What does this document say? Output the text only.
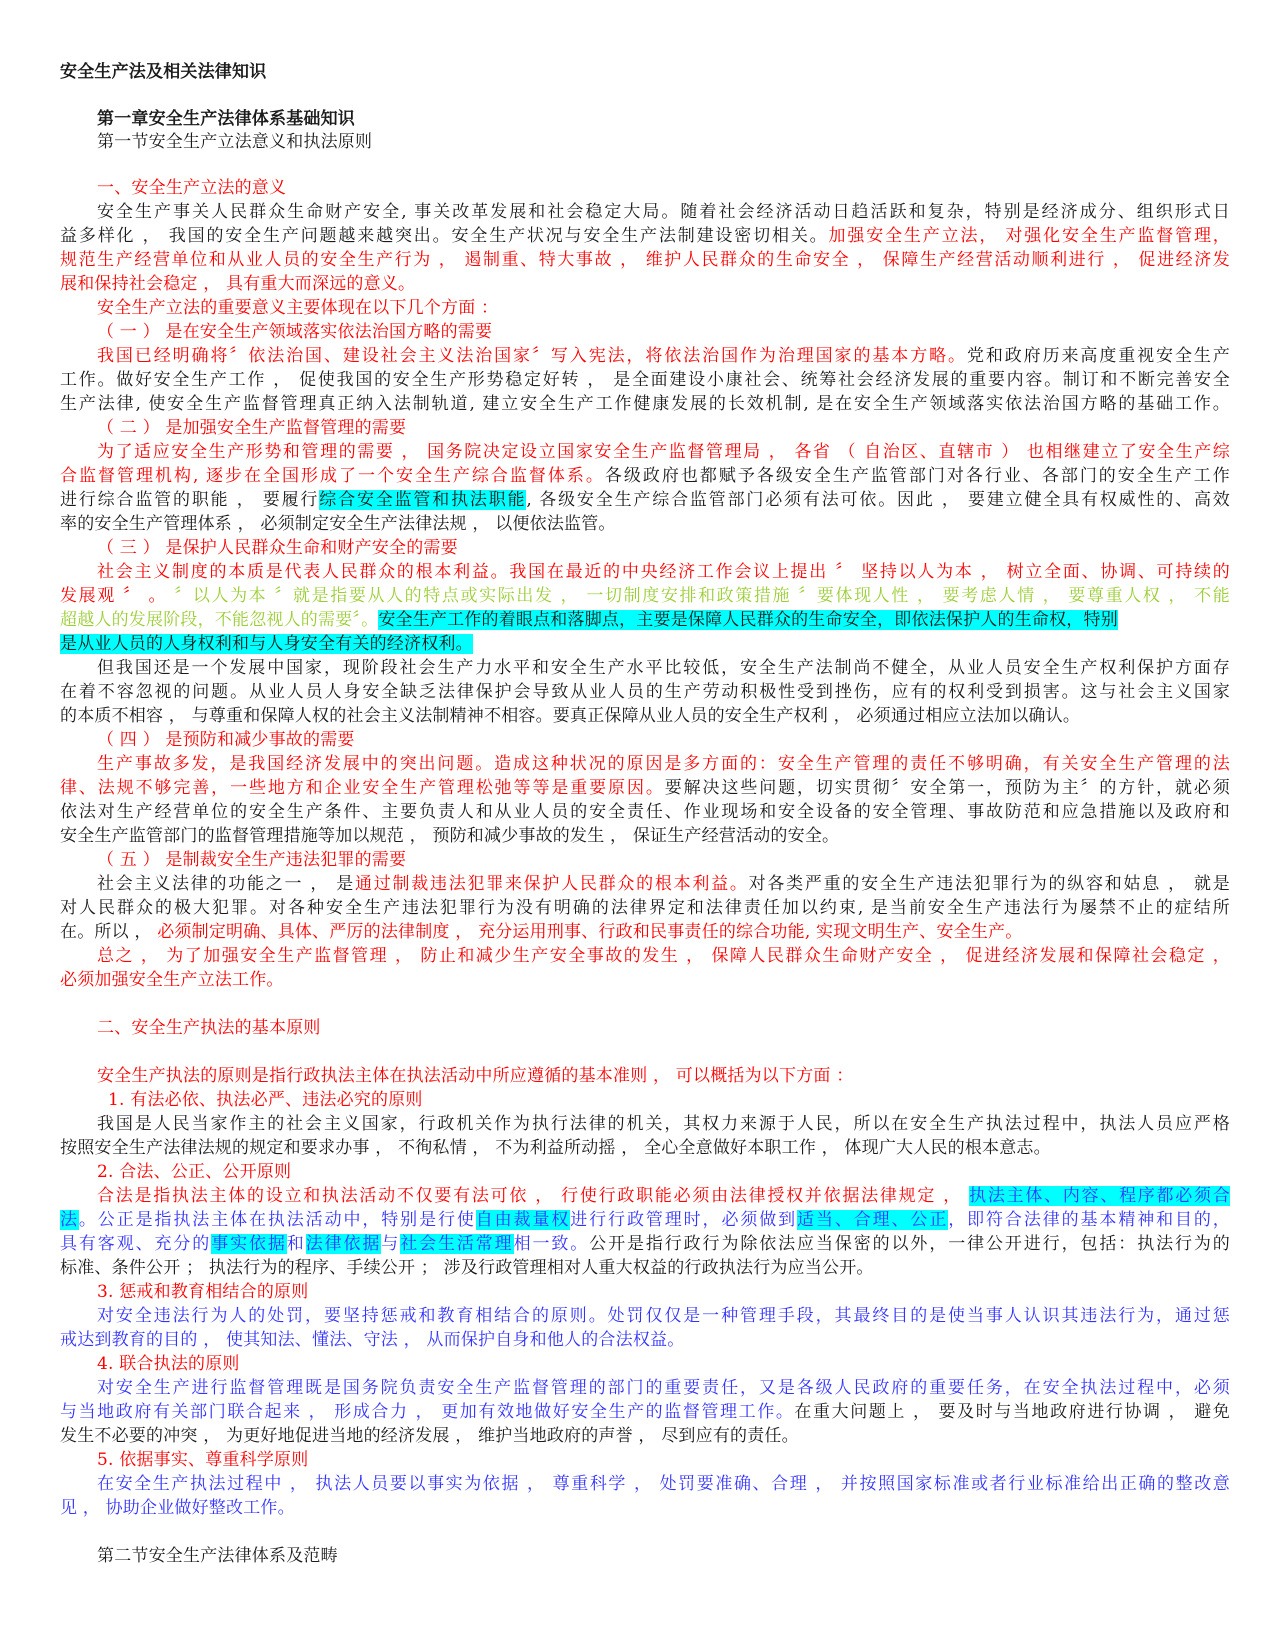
安全生产法及相关法律知识
第一章安全生产法律体系基础知识
第一节安全生产立法意义和执法原则
一、安全生产立法的意义
安全生产事关人民群众生命财产安全, 事关改革发展和社会稳定大局。随着社会经济活动日趋活跃和复杂，特别是经济成分、组织形式日
益多样化 ， 我国的安全生产问题越来越突出。安全生产状况与安全生产法制建设密切相关。加强安全生产立法， 对强化安全生产监督管理，
规范生产经营单位和从业人员的安全生产行为 ， 遏制重、特大事故 ， 维护人民群众的生命安全 ， 保障生产经营活动顺利进行 ， 促进经济发
展和保持社会稳定 ， 具有重大而深远的意义。
安全生产立法的重要意义主要体现在以下几个方面 ：
（ 一 ） 是在安全生产领域落实依法治国方略的需要
我国已经明确将〞依法治国、建设社会主义法治国家〞写入宪法，将依法治国作为治理国家的基本方略。党和政府历来高度重视安全生产
工作。做好安全生产工作 ， 促使我国的安全生产形势稳定好转 ， 是全面建设小康社会、统筹社会经济发展的重要内容。制订和不断完善安全
生产法律, 使安全生产监督管理真正纳入法制轨道, 建立安全生产工作健康发展的长效机制, 是在安全生产领域落实依法治国方略的基础工作。
（ 二 ） 是加强安全生产监督管理的需要
为了适应安全生产形势和管理的需要 ， 国务院决定设立国家安全生产监督管理局 ， 各省 （ 自治区、直辖市 ） 也相继建立了安全生产综
合监督管理机构, 逐步在全国形成了一个安全生产综合监督体系。各级政府也都赋予各级安全生产监管部门对各行业、各部门的安全生产工作
进行综合监管的职能 ， 要履行综合安全监管和执法职能, 各级安全生产综合监管部门必须有法可依。因此 ， 要建立健全具有权威性的、高效
率的安全生产管理体系 ， 必须制定安全生产法律法规 ， 以便依法监管。
（ 三 ） 是保护人民群众生命和财产安全的需要
社会主义制度的本质是代表人民群众的根本利益。我国在最近的中央经济工作会议上提出 〞 坚持以人为本 ， 树立全面、协调、可持续的
发展观 〞 。 〞以人为本 〞就是指要从人的特点或实际出发 ， 一切制度安排和政策措施 〞要体现人性 ， 要考虑人情 ， 要尊重人权 ， 不能
超越人的发展阶段，不能忽视人的需要〞。安全生产工作的着眼点和落脚点，主要是保障人民群众的生命安全，即依法保护人的生命权，特别
是从业人员的人身权利和与人身安全有关的经济权利。
但我国还是一个发展中国家，现阶段社会生产力水平和安全生产水平比较低，安全生产法制尚不健全，从业人员安全生产权利保护方面存
在着不容忽视的问题。从业人员人身安全缺乏法律保护会导致从业人员的生产劳动积极性受到挫伤，应有的权利受到损害。这与社会主义国家
的本质不相容 ， 与尊重和保障人权的社会主义法制精神不相容。要真正保障从业人员的安全生产权利 ， 必须通过相应立法加以确认。
（ 四 ） 是预防和减少事故的需要
生产事故多发，是我国经济发展中的突出问题。造成这种状况的原因是多方面的：安全生产管理的责任不够明确，有关安全生产管理的法
律、法规不够完善，一些地方和企业安全生产管理松弛等等是重要原因。要解决这些问题，切实贯彻〞安全第一，预防为主〞的方针，就必须
依法对生产经营单位的安全生产条件、主要负责人和从业人员的安全责任、作业现场和安全设备的安全管理、事故防范和应急措施以及政府和
安全生产监管部门的监督管理措施等加以规范 ， 预防和减少事故的发生 ， 保证生产经营活动的安全。
（ 五 ） 是制裁安全生产违法犯罪的需要
社会主义法律的功能之一 ， 是通过制裁违法犯罪来保护人民群众的根本利益。对各类严重的安全生产违法犯罪行为的纵容和姑息 ， 就是
对人民群众的极大犯罪。对各种安全生产违法犯罪行为没有明确的法律界定和法律责任加以约束, 是当前安全生产违法行为屡禁不止的症结所
在。所以 ， 必须制定明确、具体、严厉的法律制度 ， 充分运用刑事、行政和民事责任的综合功能, 实现文明生产、安全生产。
总之 ， 为了加强安全生产监督管理 ， 防止和减少生产安全事故的发生 ， 保障人民群众生命财产安全 ， 促进经济发展和保障社会稳定 ，
必须加强安全生产立法工作。
二、安全生产执法的基本原则
安全生产执法的原则是指行政执法主体在执法活动中所应遵循的基本准则 ， 可以概括为以下方面 ：
1. 有法必依、执法必严、违法必究的原则
我国是人民当家作主的社会主义国家，行政机关作为执行法律的机关，其权力来源于人民，所以在安全生产执法过程中，执法人员应严格
按照安全生产法律法规的规定和要求办事 ， 不徇私情 ， 不为利益所动摇 ， 全心全意做好本职工作 ， 体现广大人民的根本意志。
2. 合法、公正、公开原则
合法是指执法主体的设立和执法活动不仅要有法可依 ， 行使行政职能必须由法律授权并依据法律规定 ， 执法主体、内容、程序都必须合
法。公正是指执法主体在执法活动中，特别是行使自由裁量权进行行政管理时，必须做到适当、合理、公正，即符合法律的基本精神和目的，
具有客观、充分的事实依据和法律依据与社会生活常理相一致。公开是指行政行为除依法应当保密的以外，一律公开进行，包括：执法行为的
标准、条件公开 ； 执法行为的程序、手续公开 ； 涉及行政管理相对人重大权益的行政执法行为应当公开。
3. 惩戒和教育相结合的原则
对安全违法行为人的处罚，要坚持惩戒和教育相结合的原则。处罚仅仅是一种管理手段，其最终目的是使当事人认识其违法行为，通过惩
戒达到教育的目的 ， 使其知法、懂法、守法 ， 从而保护自身和他人的合法权益。
4. 联合执法的原则
对安全生产进行监督管理既是国务院负责安全生产监督管理的部门的重要责任，又是各级人民政府的重要任务，在安全执法过程中，必须
与当地政府有关部门联合起来 ， 形成合力 ， 更加有效地做好安全生产的监督管理工作。在重大问题上 ， 要及时与当地政府进行协调 ， 避免
发生不必要的冲突 ， 为更好地促进当地的经济发展 ， 维护当地政府的声誉 ， 尽到应有的责任。
5. 依据事实、尊重科学原则
在安全生产执法过程中 ， 执法人员要以事实为依据 ， 尊重科学 ， 处罚要准确、合理 ， 并按照国家标准或者行业标准给出正确的整改意
见 ， 协助企业做好整改工作。
第二节安全生产法律体系及范畴
